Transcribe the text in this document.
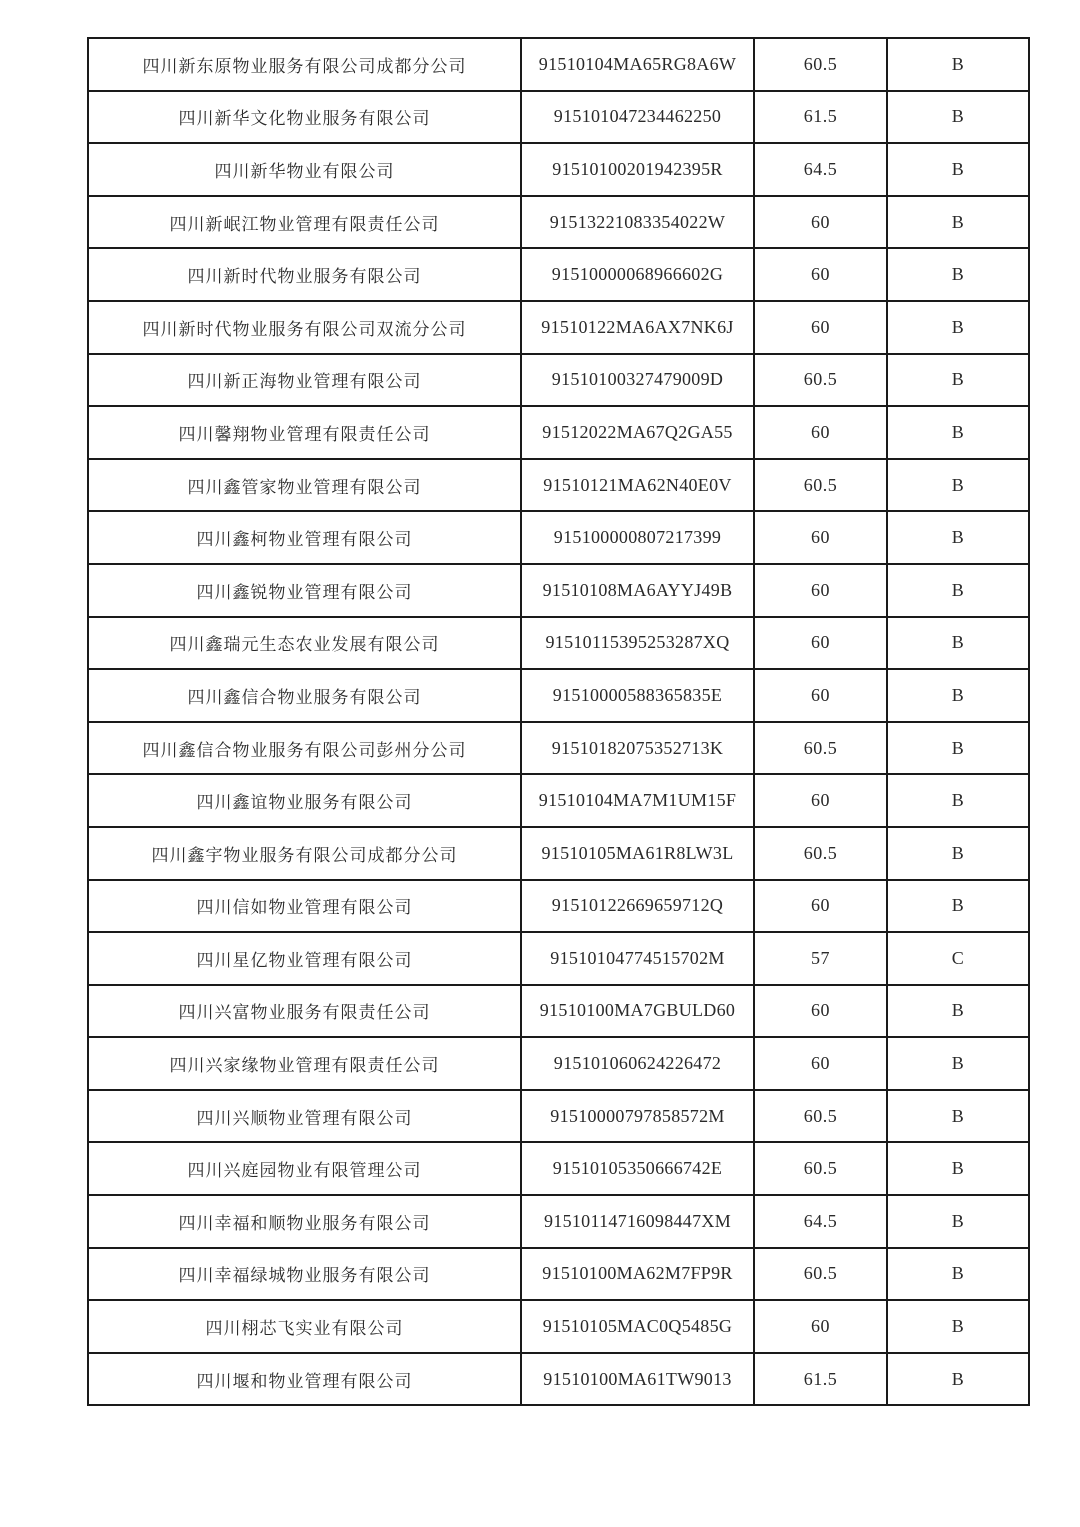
四川新东原物业服务有限公司成都分公司	91510104MA65RG8A6W	60.5	B
四川新华文化物业服务有限公司	915101047234462250	61.5	B
四川新华物业有限公司	91510100201942395R	64.5	B
四川新岷江物业管理有限责任公司	91513221083354022W	60	B
四川新时代物业服务有限公司	91510000068966602G	60	B
四川新时代物业服务有限公司双流分公司	91510122MA6AX7NK6J	60	B
四川新正海物业管理有限公司	91510100327479009D	60.5	B
四川馨翔物业管理有限责任公司	91512022MA67Q2GA55	60	B
四川鑫管家物业管理有限公司	91510121MA62N40E0V	60.5	B
四川鑫柯物业管理有限公司	915100000807217399	60	B
四川鑫锐物业管理有限公司	91510108MA6AYYJ49B	60	B
四川鑫瑞元生态农业发展有限公司	91510115395253287XQ	60	B
四川鑫信合物业服务有限公司	91510000588365835E	60	B
四川鑫信合物业服务有限公司彭州分公司	91510182075352713K	60.5	B
四川鑫谊物业服务有限公司	91510104MA7M1UM15F	60	B
四川鑫宇物业服务有限公司成都分公司	91510105MA61R8LW3L	60.5	B
四川信如物业管理有限公司	91510122669659712Q	60	B
四川星亿物业管理有限公司	91510104774515702M	57	C
四川兴富物业服务有限责任公司	91510100MA7GBULD60	60	B
四川兴家缘物业管理有限责任公司	915101060624226472	60	B
四川兴顺物业管理有限公司	91510000797858572M	60.5	B
四川兴庭园物业有限管理公司	91510105350666742E	60.5	B
四川幸福和顺物业服务有限公司	91510114716098447XM	64.5	B
四川幸福绿城物业服务有限公司	91510100MA62M7FP9R	60.5	B
四川栩芯飞实业有限公司	91510105MAC0Q5485G	60	B
四川堰和物业管理有限公司	91510100MA61TW9013	61.5	B
